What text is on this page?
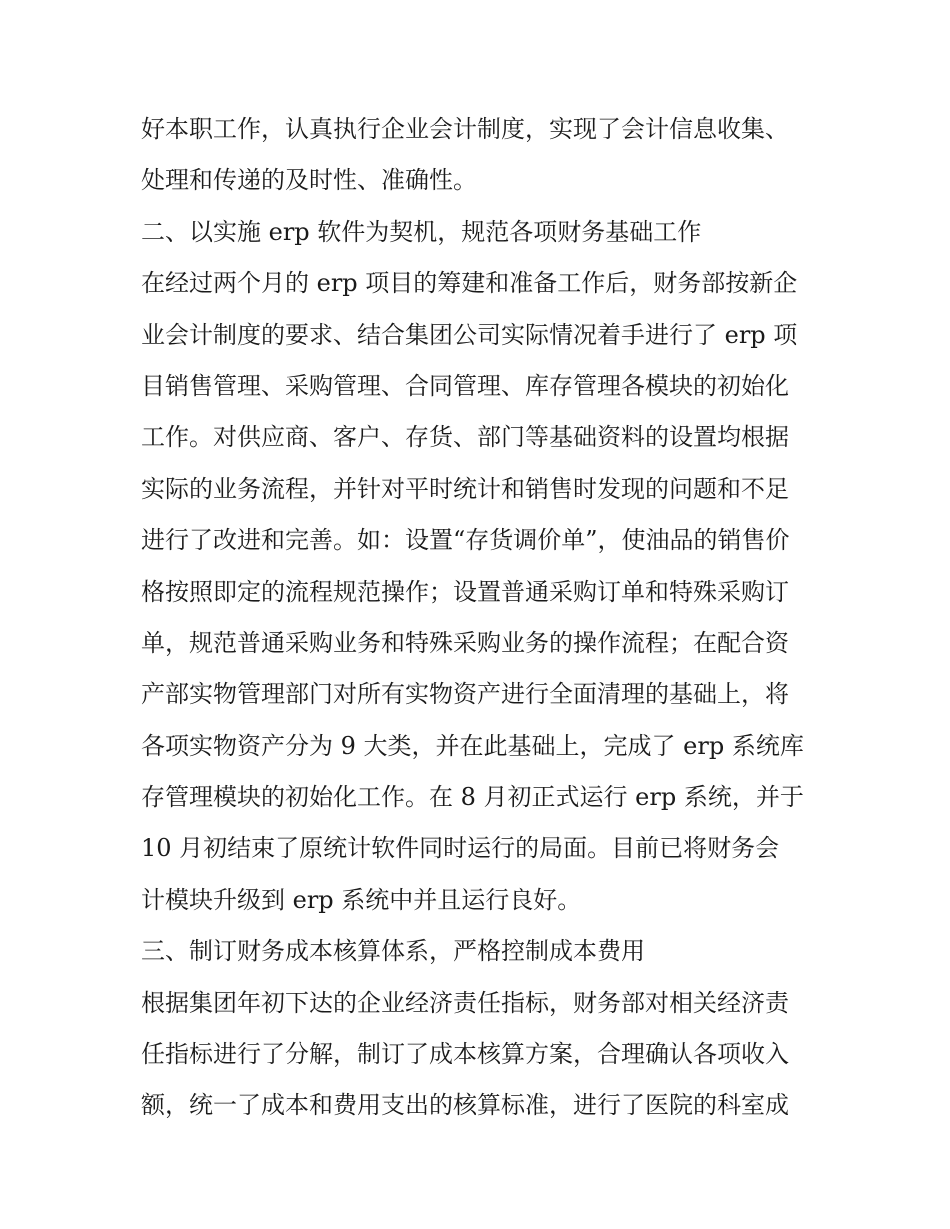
好本职工作，认真执行企业会计制度，实现了会计信息收集、
处理和传递的及时性、准确性。
二、以实施 erp 软件为契机，规范各项财务基础工作
在经过两个月的 erp 项目的筹建和准备工作后，财务部按新企
业会计制度的要求、结合集团公司实际情况着手进行了 erp 项
目销售管理、采购管理、合同管理、库存管理各模块的初始化
工作。对供应商、客户、存货、部门等基础资料的设置均根据
实际的业务流程，并针对平时统计和销售时发现的问题和不足
进行了改进和完善。如：设置“存货调价单”，使油品的销售价
格按照即定的流程规范操作；设置普通采购订单和特殊采购订
单，规范普通采购业务和特殊采购业务的操作流程；在配合资
产部实物管理部门对所有实物资产进行全面清理的基础上，将
各项实物资产分为 9 大类，并在此基础上，完成了 erp 系统库
存管理模块的初始化工作。在 8 月初正式运行 erp 系统，并于
10 月初结束了原统计软件同时运行的局面。目前已将财务会
计模块升级到 erp 系统中并且运行良好。
三、制订财务成本核算体系，严格控制成本费用
根据集团年初下达的企业经济责任指标，财务部对相关经济责
任指标进行了分解，制订了成本核算方案，合理确认各项收入
额，统一了成本和费用支出的核算标准，进行了医院的科室成
